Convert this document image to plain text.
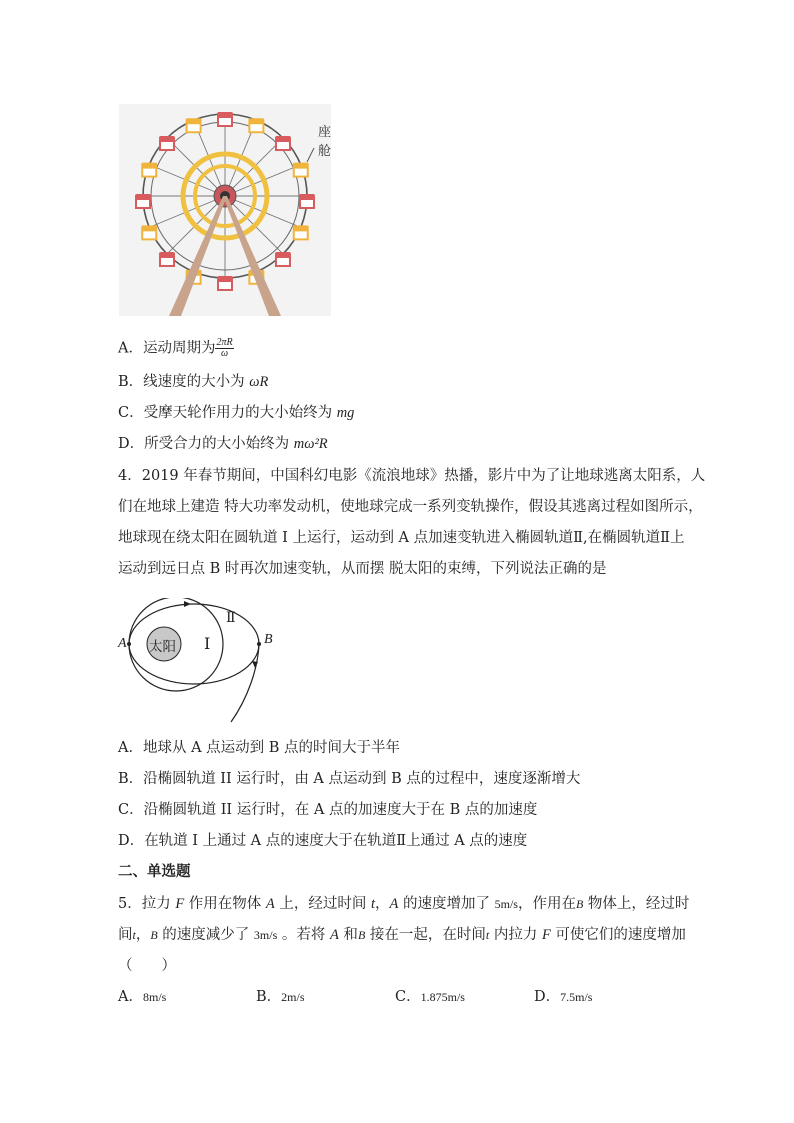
座舱
A．运动周期为 $\frac{2\pi R}{\omega}$
B．线速度的大小为 ωR
C．受摩天轮作用力的大小始终为 mg
D．所受合力的大小始终为 mω²R
4．2019 年春节期间，中国科幻电影《流浪地球》热播，影片中为了让地球逃离太阳系，人
们在地球上建造 特大功率发动机，使地球完成一系列变轨操作，假设其逃离过程如图所示，
地球现在绕太阳在圆轨道 I 上运行，运动到 A 点加速变轨进入椭圆轨道Ⅱ,在椭圆轨道Ⅱ上
运动到远日点 B 时再次加速变轨，从而摆 脱太阳的束缚，下列说法正确的是
太阳 I
Ⅱ
A	B
A．地球从 A 点运动到 B 点的时间大于半年
B．沿椭圆轨道 II 运行时，由 A 点运动到 B 点的过程中，速度逐渐增大
C．沿椭圆轨道 II 运行时，在 A 点的加速度大于在 B 点的加速度
D．在轨道 I 上通过 A 点的速度大于在轨道Ⅱ上通过 A 点的速度
二、单选题
5．拉力 F 作用在物体 A 上，经过时间 t，A 的速度增加了 5m/s，作用在B 物体上，经过时
间t，B 的速度减少了 3m/s 。若将 A 和B 接在一起，在时间t 内拉力 F 可使它们的速度增加
（　　）
A．8m/s	B．2m/s	C．1.875m/s	D．7.5m/s
